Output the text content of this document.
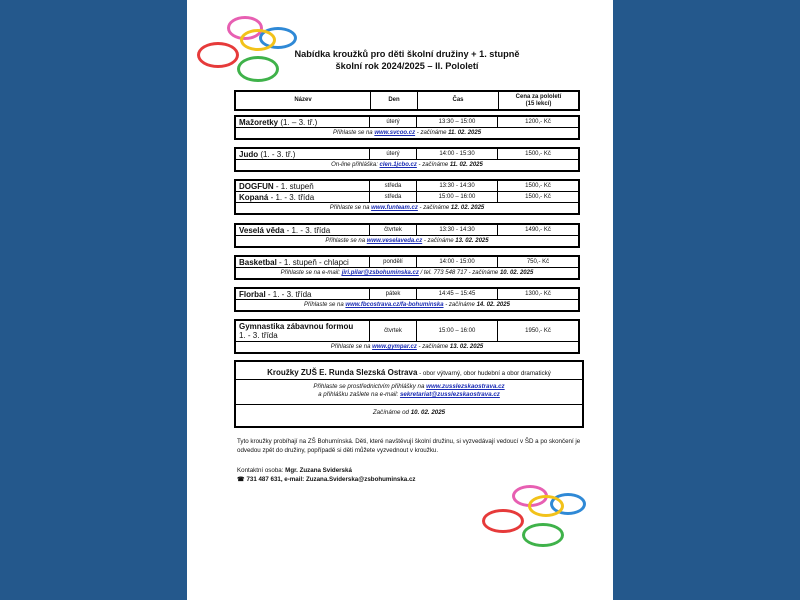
Nabídka kroužků pro děti školní družiny + 1. stupně
školní rok 2024/2025 – II. Pololetí
Název	Den	Čas	Cena za pololetí
(15 lekcí)
Mažoretky (1. – 3. tř.)	úterý	13:30 – 15:00	1200,- Kč
Přihlaste se na www.svcoo.cz - začínáme 11. 02. 2025
Judo (1. - 3. tř.)	úterý	14:00 - 15:30	1500,- Kč
On-line přihláška: clen.1jcbo.cz - začínáme 11. 02. 2025
DOGFUN - 1. stupeň	středa	13:30 - 14:30	1500,- Kč
Kopaná - 1. - 3. třída	středa	15:00 – 16:00	1500,- Kč
Přihlaste se na www.funteam.cz - začínáme 12. 02. 2025			
Veselá věda - 1. - 3. třída	čtvrtek	13:30 - 14:30	1490,- Kč
Přihlaste se na www.veselaveda.cz - začínáme 13. 02. 2025
Basketbal - 1. stupeň - chlapci	pondělí	14:00 - 15:00	750,- Kč
Přihlaste se na e-mail: jiri.pilar@zsbohuminska.cz / tel. 773 548 717 - začínáme 10. 02. 2025
Florbal - 1. - 3. třída	pátek	14:45 – 15:45	1300,- Kč
Přihlaste se na www.fbcostrava.cz/fa-bohuminska - začínáme 14. 02. 2025
Gymnastika zábavnou formou
1. - 3. třída	čtvrtek	15:00 – 16:00	1950,- Kč
Přihlaste se na www.gympar.cz - začínáme 13. 02. 2025
Kroužky ZUŠ E. Runda Slezská Ostrava - obor výtvarný, obor hudební a obor dramatický
Přihlaste se prostřednictvím přihlášky na www.zusslezskaostrava.cz
a přihlášku zašlete na e-mail: sekretariat@zusslezskaostrava.cz
Začínáme od 10. 02. 2025
Tyto kroužky probíhají na ZŠ Bohumínská. Děti, které navštěvují školní družinu, si vyzvedávají vedoucí v ŠD a po skončení je odvedou zpět do družiny, popřípadě si děti můžete vyzvednout v kroužku.
Kontaktní osoba: Mgr. Zuzana Sviderská
☎ 731 487 631, e-mail: Zuzana.Sviderska@zsbohuminska.cz
